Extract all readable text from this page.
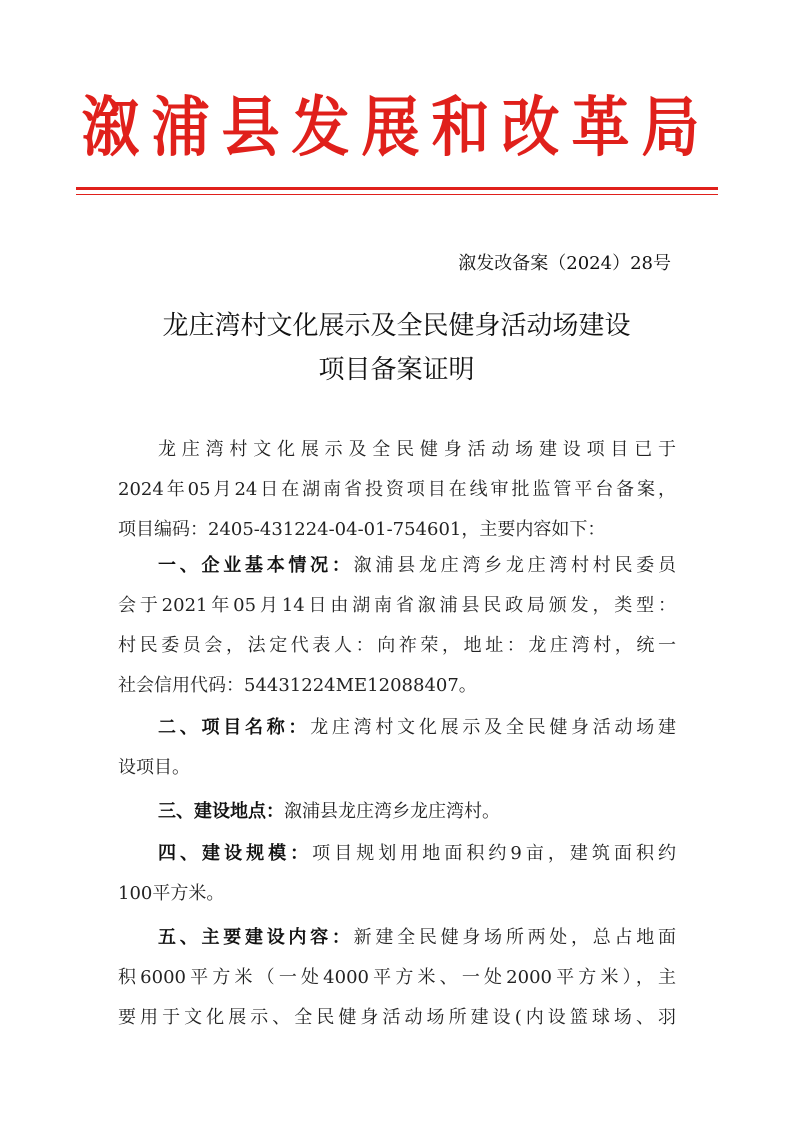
溆浦县发展和改革局
溆发改备案（2024）28号
龙庄湾村文化展示及全民健身活动场建设
项目备案证明
龙庄湾村文化展示及全民健身活动场建设项目已于
2024年05月24日在湖南省投资项目在线审批监管平台备案，
项目编码：2405-431224-04-01-754601，主要内容如下：
一、企业基本情况：溆浦县龙庄湾乡龙庄湾村村民委员
会于2021年05月14日由湖南省溆浦县民政局颁发，类型：
村民委员会，法定代表人：向祚荣，地址：龙庄湾村，统一
社会信用代码：54431224ME12088407。
二、项目名称：龙庄湾村文化展示及全民健身活动场建
设项目。
三、建设地点：溆浦县龙庄湾乡龙庄湾村。
四、建设规模：项目规划用地面积约9亩，建筑面积约
100平方米。
五、主要建设内容：新建全民健身场所两处，总占地面
积6000平方米（一处4000平方米、一处2000平方米），主
要用于文化展示、全民健身活动场所建设(内设篮球场、羽
